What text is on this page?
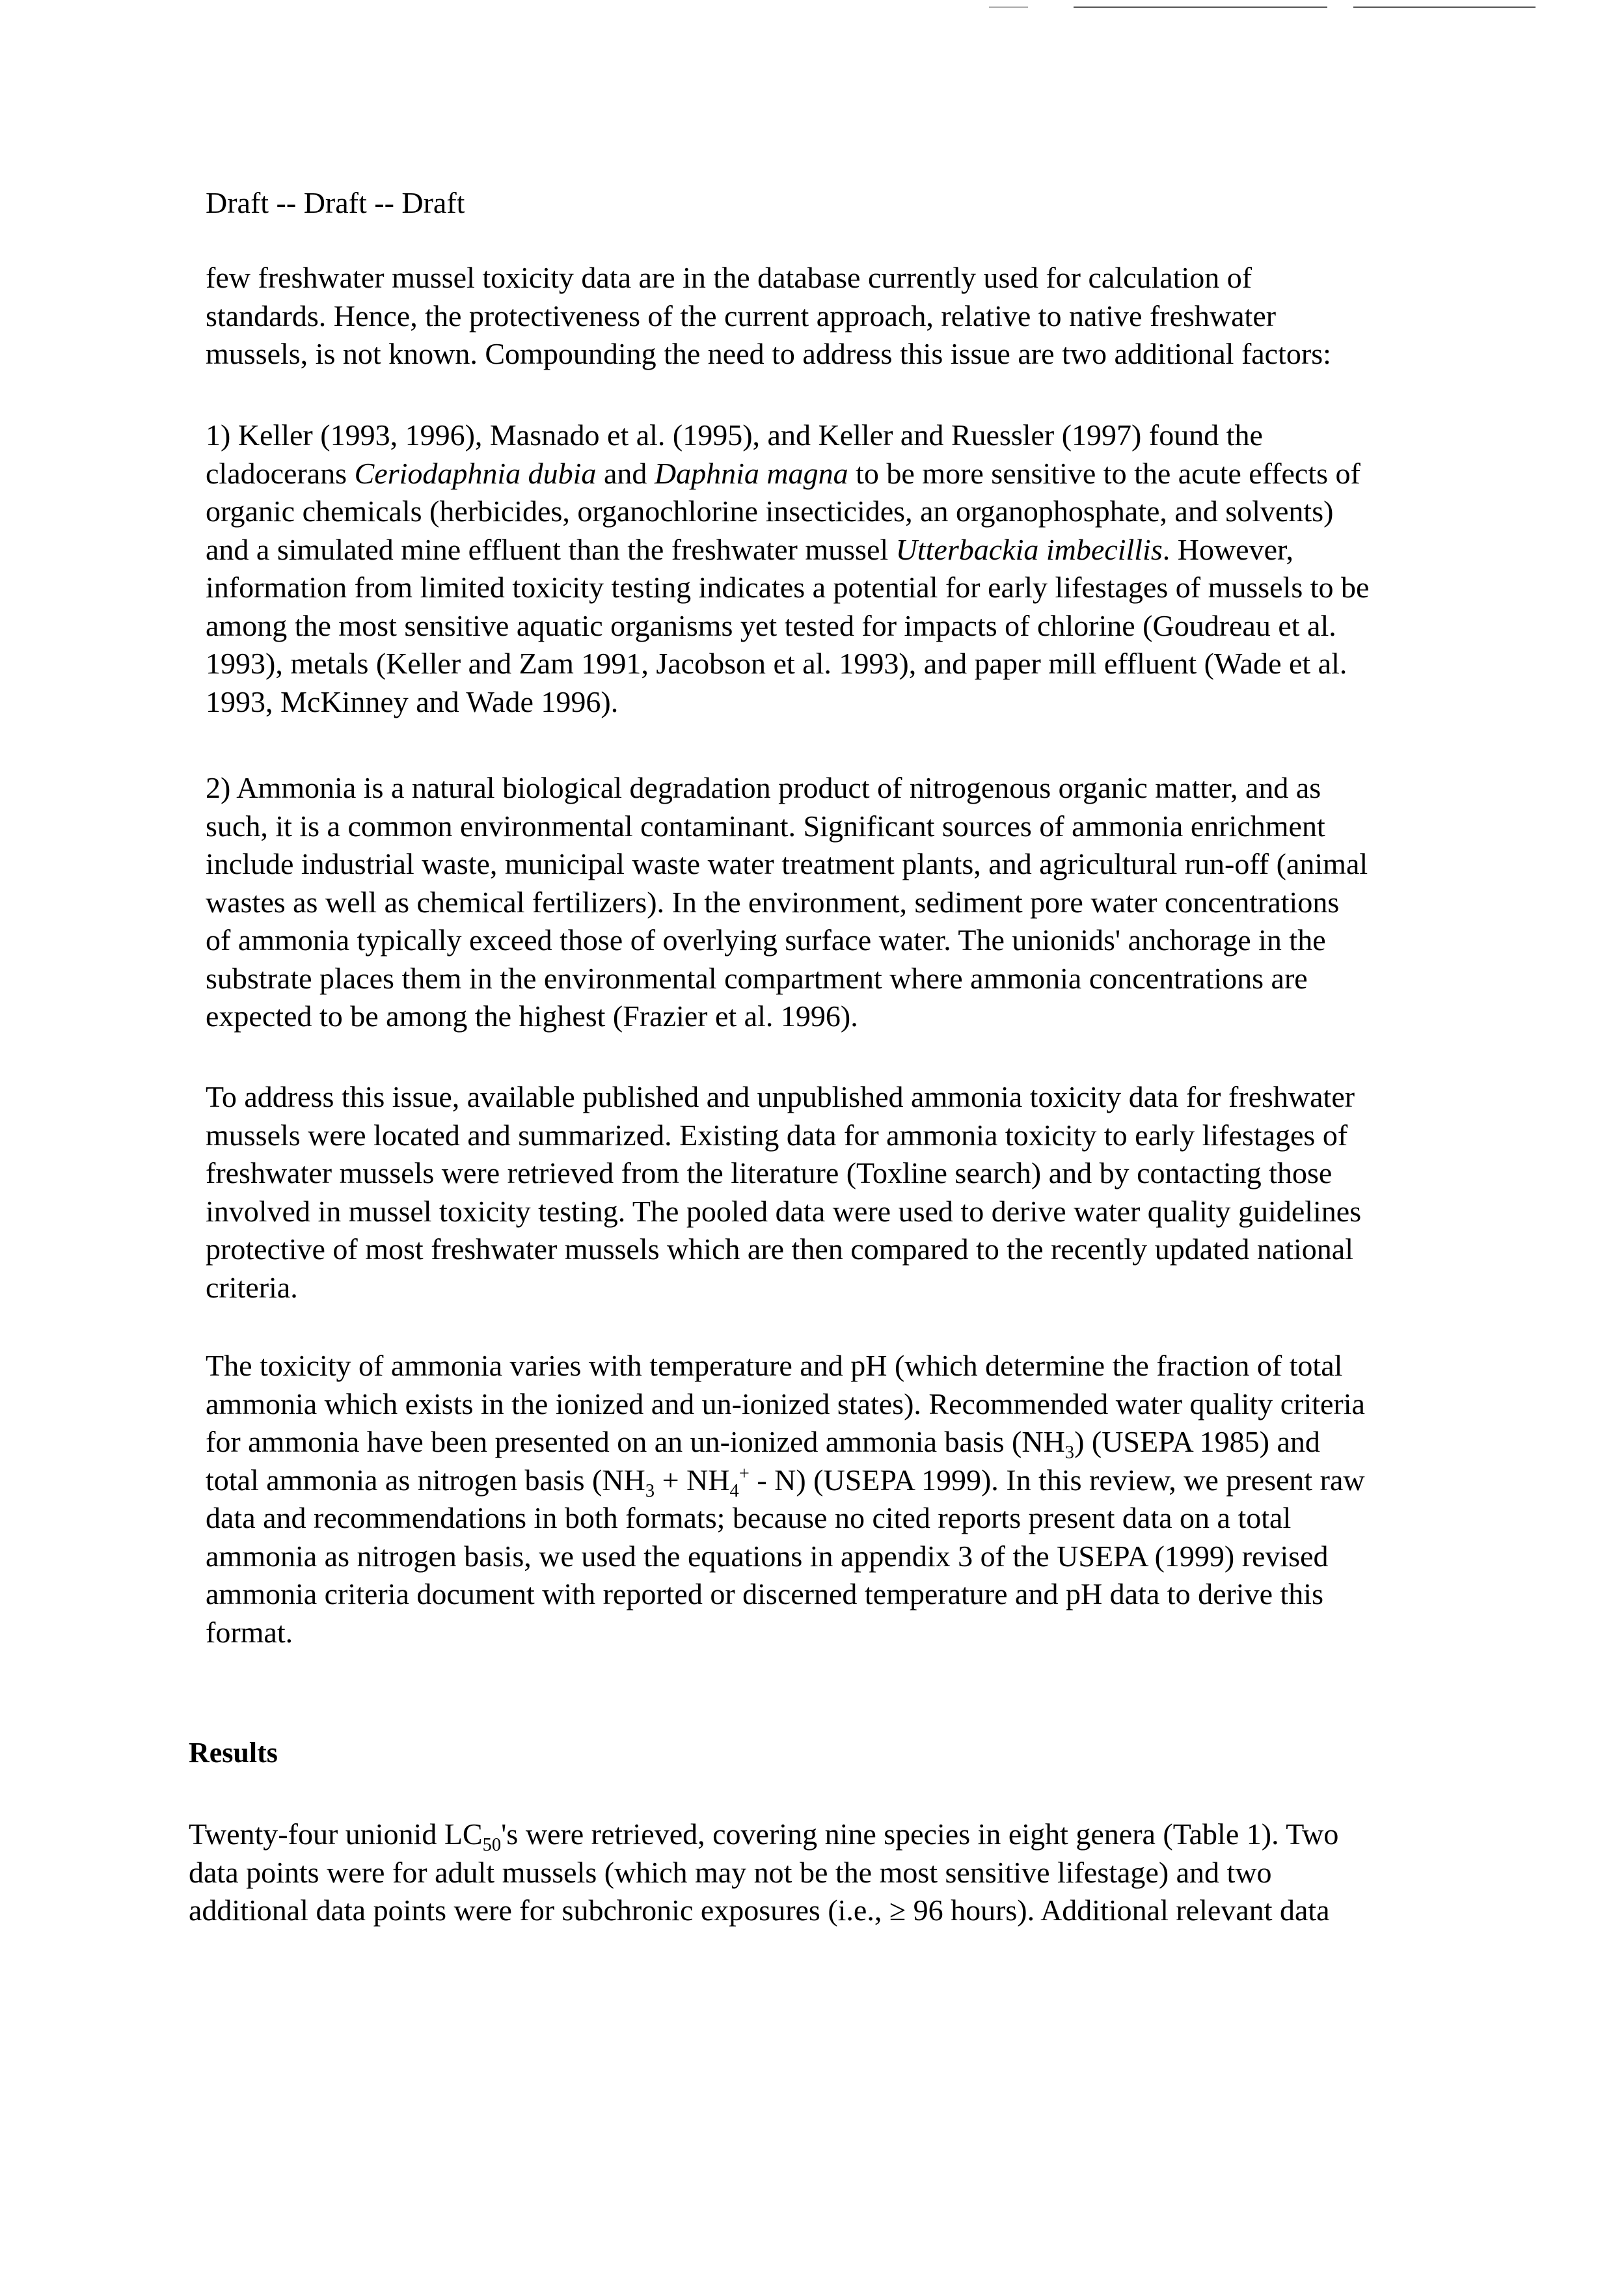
Draft -- Draft -- Draft
few freshwater mussel toxicity data are in the database currently used for calculation of
standards. Hence, the protectiveness of the current approach, relative to native freshwater
mussels, is not known. Compounding the need to address this issue are two additional factors:
1) Keller (1993, 1996), Masnado et al. (1995), and Keller and Ruessler (1997) found the
cladocerans Ceriodaphnia dubia and Daphnia magna to be more sensitive to the acute effects of
organic chemicals (herbicides, organochlorine insecticides, an organophosphate, and solvents)
and a simulated mine effluent than the freshwater mussel Utterbackia imbecillis. However,
information from limited toxicity testing indicates a potential for early lifestages of mussels to be
among the most sensitive aquatic organisms yet tested for impacts of chlorine (Goudreau et al.
1993), metals (Keller and Zam 1991, Jacobson et al. 1993), and paper mill effluent (Wade et al.
1993, McKinney and Wade 1996).
2) Ammonia is a natural biological degradation product of nitrogenous organic matter, and as
such, it is a common environmental contaminant. Significant sources of ammonia enrichment
include industrial waste, municipal waste water treatment plants, and agricultural run-off (animal
wastes as well as chemical fertilizers). In the environment, sediment pore water concentrations
of ammonia typically exceed those of overlying surface water. The unionids' anchorage in the
substrate places them in the environmental compartment where ammonia concentrations are
expected to be among the highest (Frazier et al. 1996).
To address this issue, available published and unpublished ammonia toxicity data for freshwater
mussels were located and summarized. Existing data for ammonia toxicity to early lifestages of
freshwater mussels were retrieved from the literature (Toxline search) and by contacting those
involved in mussel toxicity testing. The pooled data were used to derive water quality guidelines
protective of most freshwater mussels which are then compared to the recently updated national
criteria.
The toxicity of ammonia varies with temperature and pH (which determine the fraction of total
ammonia which exists in the ionized and un-ionized states). Recommended water quality criteria
for ammonia have been presented on an un-ionized ammonia basis $(NH_3)$ (USEPA 1985) and
total ammonia as nitrogen basis $(NH_3 + NH_4^+ - N)$ (USEPA 1999). In this review, we present raw
data and recommendations in both formats; because no cited reports present data on a total
ammonia as nitrogen basis, we used the equations in appendix 3 of the USEPA (1999) revised
ammonia criteria document with reported or discerned temperature and pH data to derive this
format.
Results
Twenty-four unionid $LC_{50}'s$ were retrieved, covering nine species in eight genera (Table 1). Two
data points were for adult mussels (which may not be the most sensitive lifestage) and two
additional data points were for subchronic exposures (i.e., ≥ 96 hours). Additional relevant data
